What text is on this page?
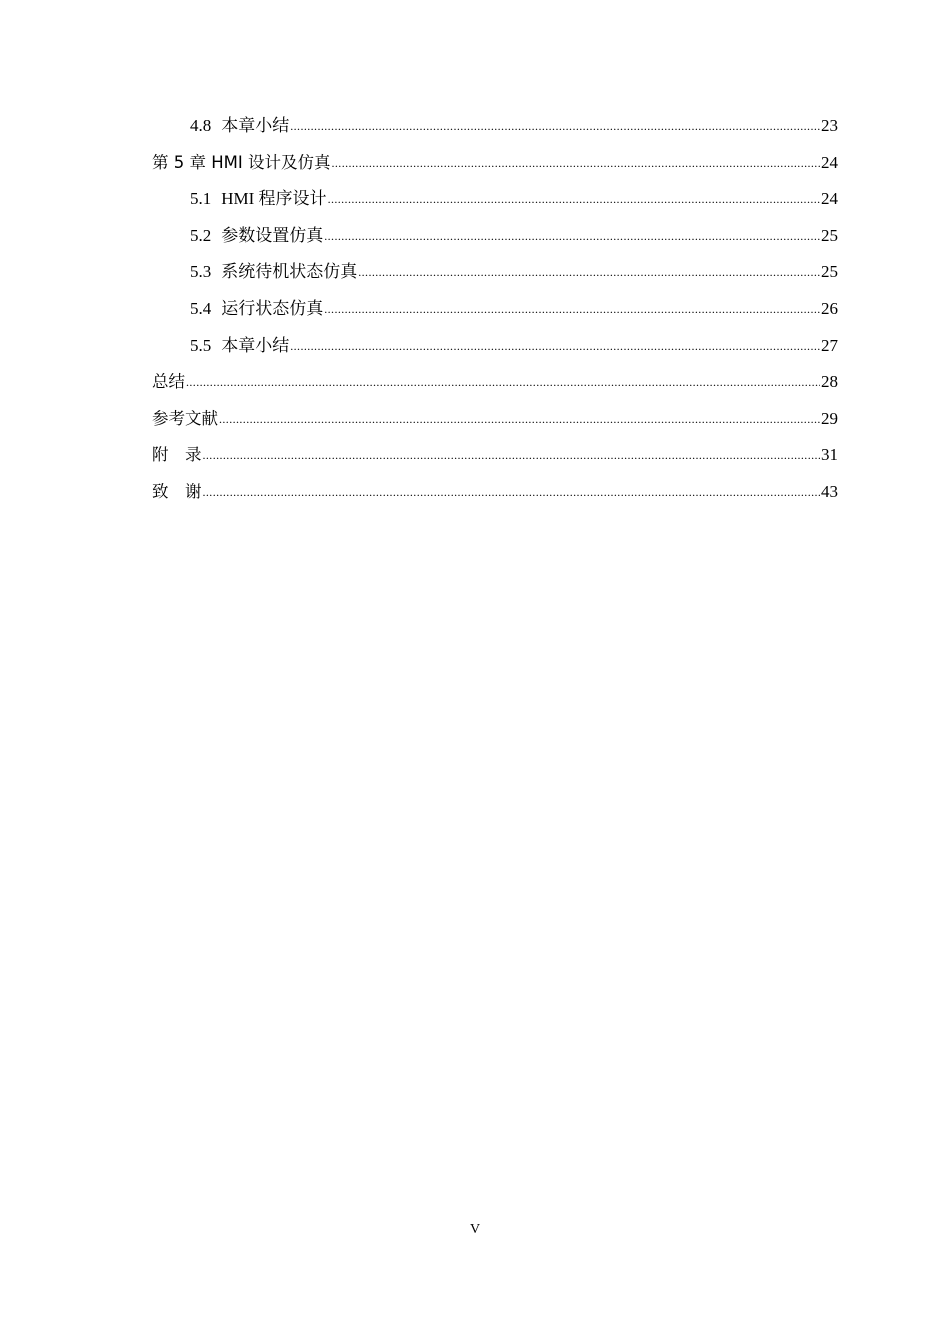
4.8 本章小结 .....	23
第 5 章 HMI 设计及仿真 .....	24
5.1 HMI 程序设计 .....	24
5.2 参数设置仿真 .....	25
5.3 系统待机状态仿真 .....	25
5.4 运行状态仿真 .....	26
5.5 本章小结 .....	27
总结 .....	28
参考文献 .....	29
附　录 .....	31
致　谢 .....	43
V
